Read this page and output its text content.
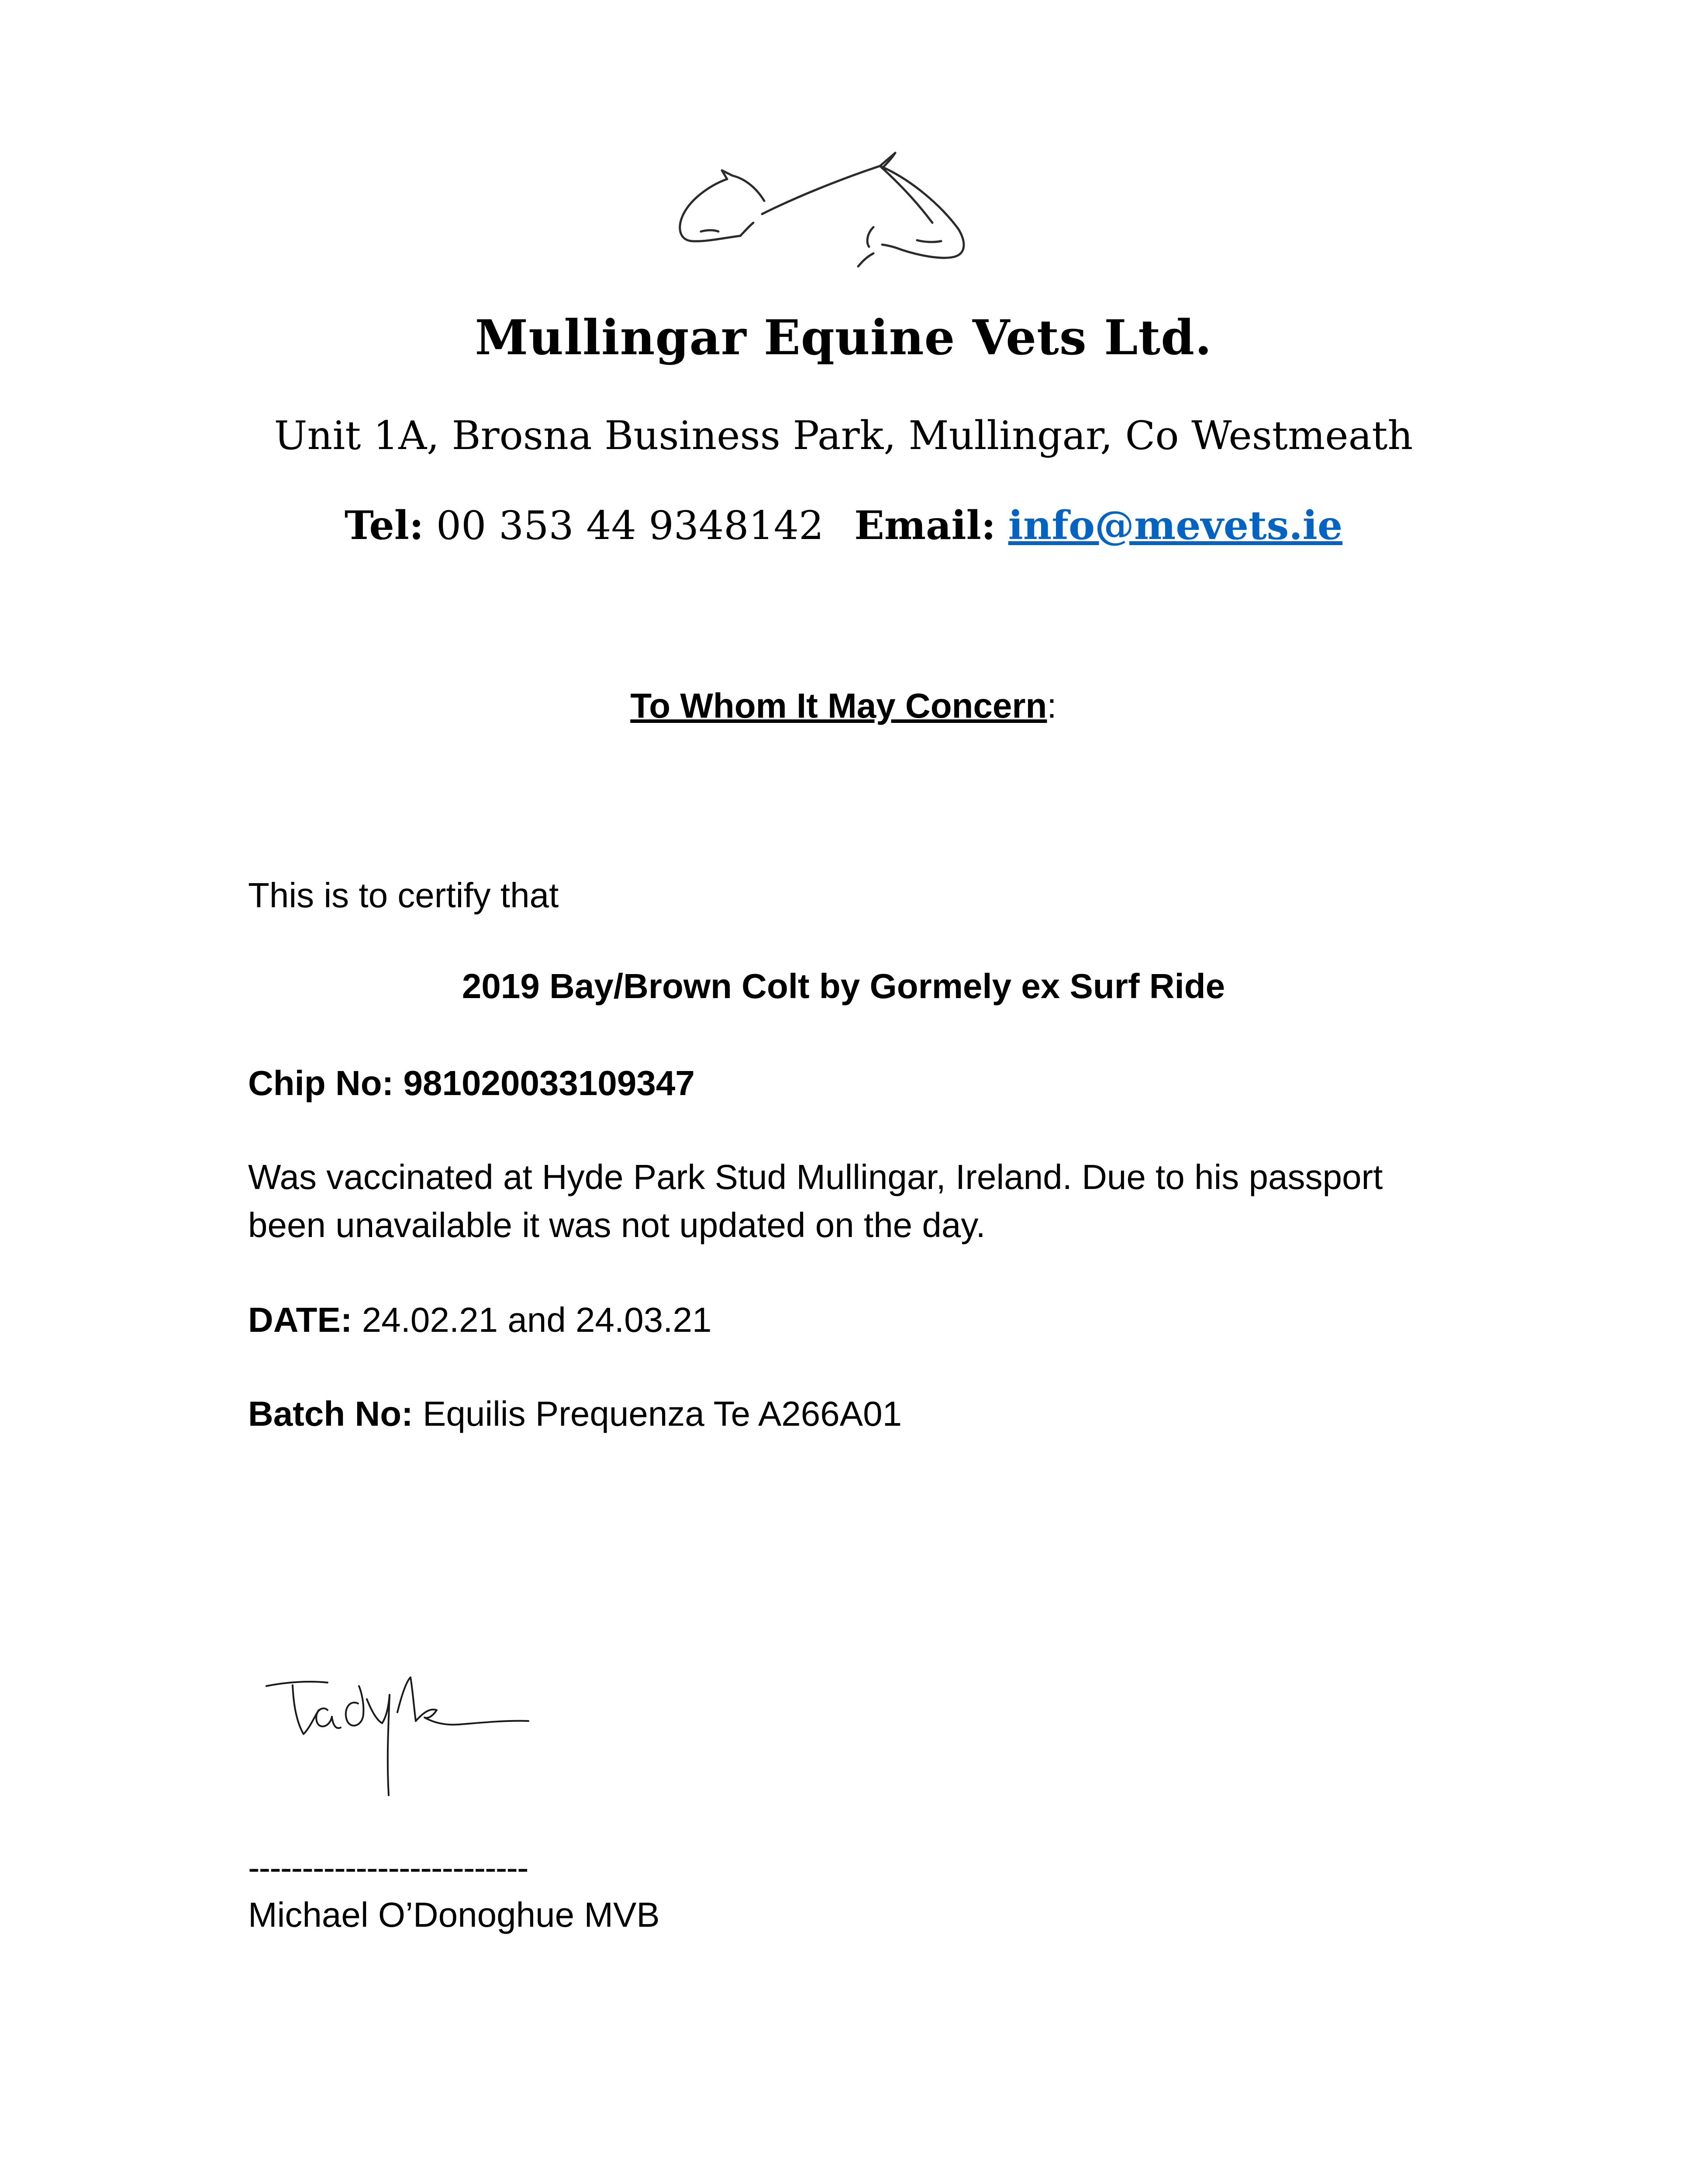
Mullingar Equine Vets Ltd.
Unit 1A, Brosna Business Park, Mullingar, Co Westmeath
Tel: 00 353 44 9348142 Email: info@mevets.ie
To Whom It May Concern:
This is to certify that
2019 Bay/Brown Colt by Gormely ex Surf Ride
Chip No: 981020033109347
Was vaccinated at Hyde Park Stud Mullingar, Ireland. Due to his passport
been unavailable it was not updated on the day.
DATE: 24.02.21 and 24.03.21
Batch No: Equilis Prequenza Te A266A01
--------------------------
Michael O’Donoghue MVB
